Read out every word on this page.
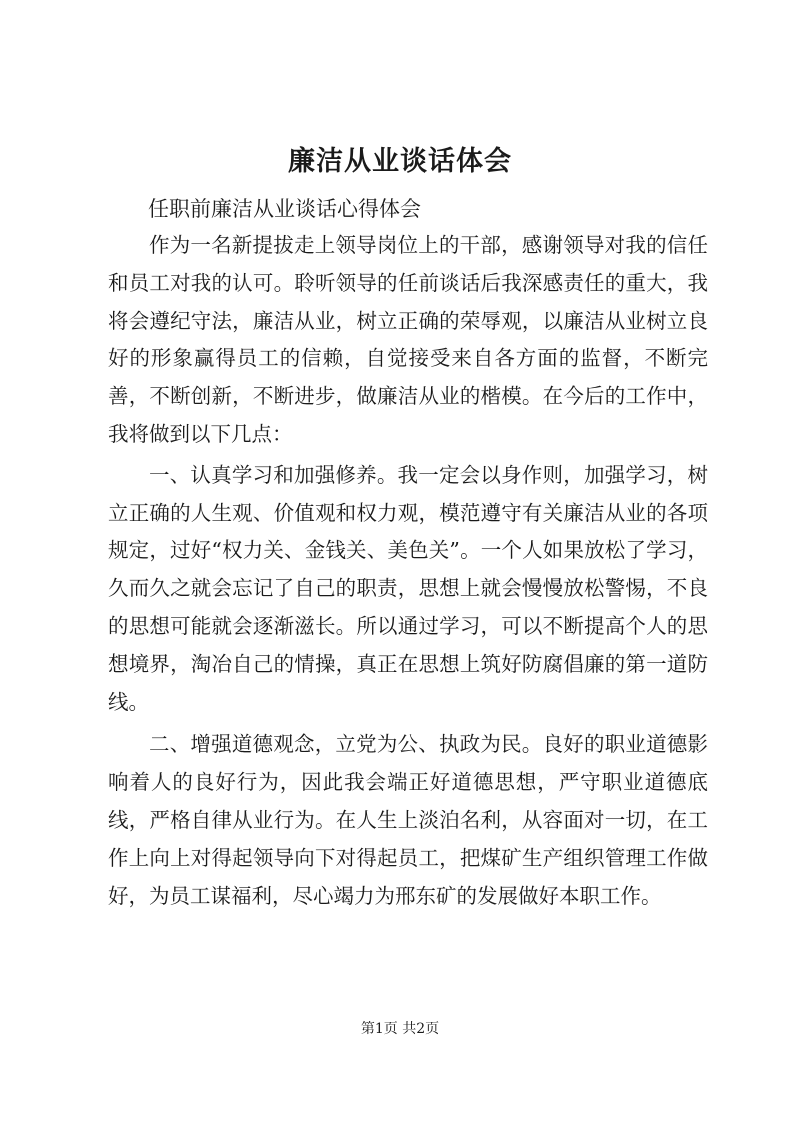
廉洁从业谈话体会
任职前廉洁从业谈话心得体会

作为一名新提拔走上领导岗位上的干部，感谢领导对我的信任和员工对我的认可。聆听领导的任前谈话后我深感责任的重大，我将会遵纪守法，廉洁从业，树立正确的荣辱观，以廉洁从业树立良好的形象赢得员工的信赖，自觉接受来自各方面的监督，不断完善，不断创新，不断进步，做廉洁从业的楷模。在今后的工作中，我将做到以下几点：

一、认真学习和加强修养。我一定会以身作则，加强学习，树立正确的人生观、价值观和权力观，模范遵守有关廉洁从业的各项规定，过好“权力关、金钱关、美色关”。一个人如果放松了学习，久而久之就会忘记了自己的职责，思想上就会慢慢放松警惕，不良的思想可能就会逐渐滋长。所以通过学习，可以不断提高个人的思想境界，淘冶自己的情操，真正在思想上筑好防腐倡廉的第一道防线。

二、增强道德观念，立党为公、执政为民。良好的职业道德影响着人的良好行为，因此我会端正好道德思想，严守职业道德底线，严格自律从业行为。在人生上淡泊名利，从容面对一切，在工作上向上对得起领导向下对得起员工，把煤矿生产组织管理工作做好，为员工谋福利，尽心竭力为邢东矿的发展做好本职工作。

第1页 共2页
